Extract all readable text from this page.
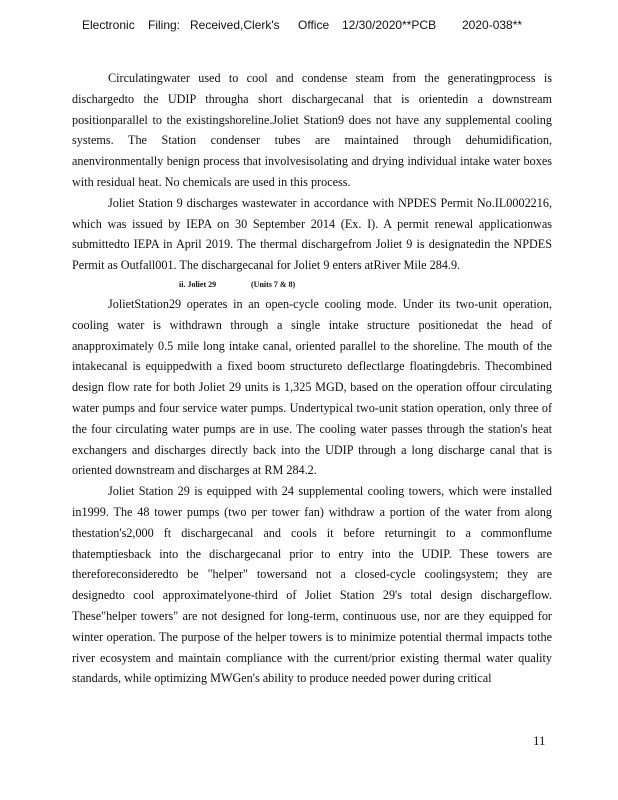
Electronic Filing: Received,Clerk's Office 12/30/2020**PCB 2020-038**

Circulatingwater used to cool and condense steam from the generatingprocess is dischargedto the UDIP througha short dischargecanal that is orientedin a downstream positionparallel to the existingshoreline.Joliet Station9 does not have any supplemental cooling systems. The Station condenser tubes are maintained through dehumidification, anenvironmentally benign process that involvesisolating and drying individual intake water boxes with residual heat. No chemicals are used in this process.

Joliet Station 9 discharges wastewater in accordance with NPDES Permit No.IL0002216, which was issued by IEPA on 30 September 2014 (Ex. I). A permit renewal applicationwas submittedto IEPA in April 2019. The thermal dischargefrom Joliet 9 is designatedin the NPDES Permit as Outfall001. The dischargecanal for Joliet 9 enters atRiver Mile 284.9.

ii. Joliet 29	(Units 7 & 8)

JolietStation29 operates in an open-cycle cooling mode. Under its two-unit operation, cooling water is withdrawn through a single intake structure positionedat the head of anapproximately 0.5 mile long intake canal, oriented parallel to the shoreline. The mouth of the intakecanal is equippedwith a fixed boom structureto deflectlarge floatingdebris. Thecombined design flow rate for both Joliet 29 units is 1,325 MGD, based on the operation offour circulating water pumps and four service water pumps. Undertypical two-unit station operation, only three of the four circulating water pumps are in use. The cooling water passes through the station's heat exchangers and discharges directly back into the UDIP through a long discharge canal that is oriented downstream and discharges at RM 284.2.

Joliet Station 29 is equipped with 24 supplemental cooling towers, which were installed in1999. The 48 tower pumps (two per tower fan) withdraw a portion of the water from along thestation's2,000 ft dischargecanal and cools it before returningit to a commonflume thatemptiesback into the dischargecanal prior to entry into the UDIP. These towers are thereforeconsideredto be "helper" towersand not a closed-cycle coolingsystem; they are designedto cool approximatelyone-third of Joliet Station 29's total design dischargeflow. These"helper towers" are not designed for long-term, continuous use, nor are they equipped for winter operation. The purpose of the helper towers is to minimize potential thermal impacts tothe river ecosystem and maintain compliance with the current/prior existing thermal water quality standards, while optimizing MWGen's ability to produce needed power during critical

11
